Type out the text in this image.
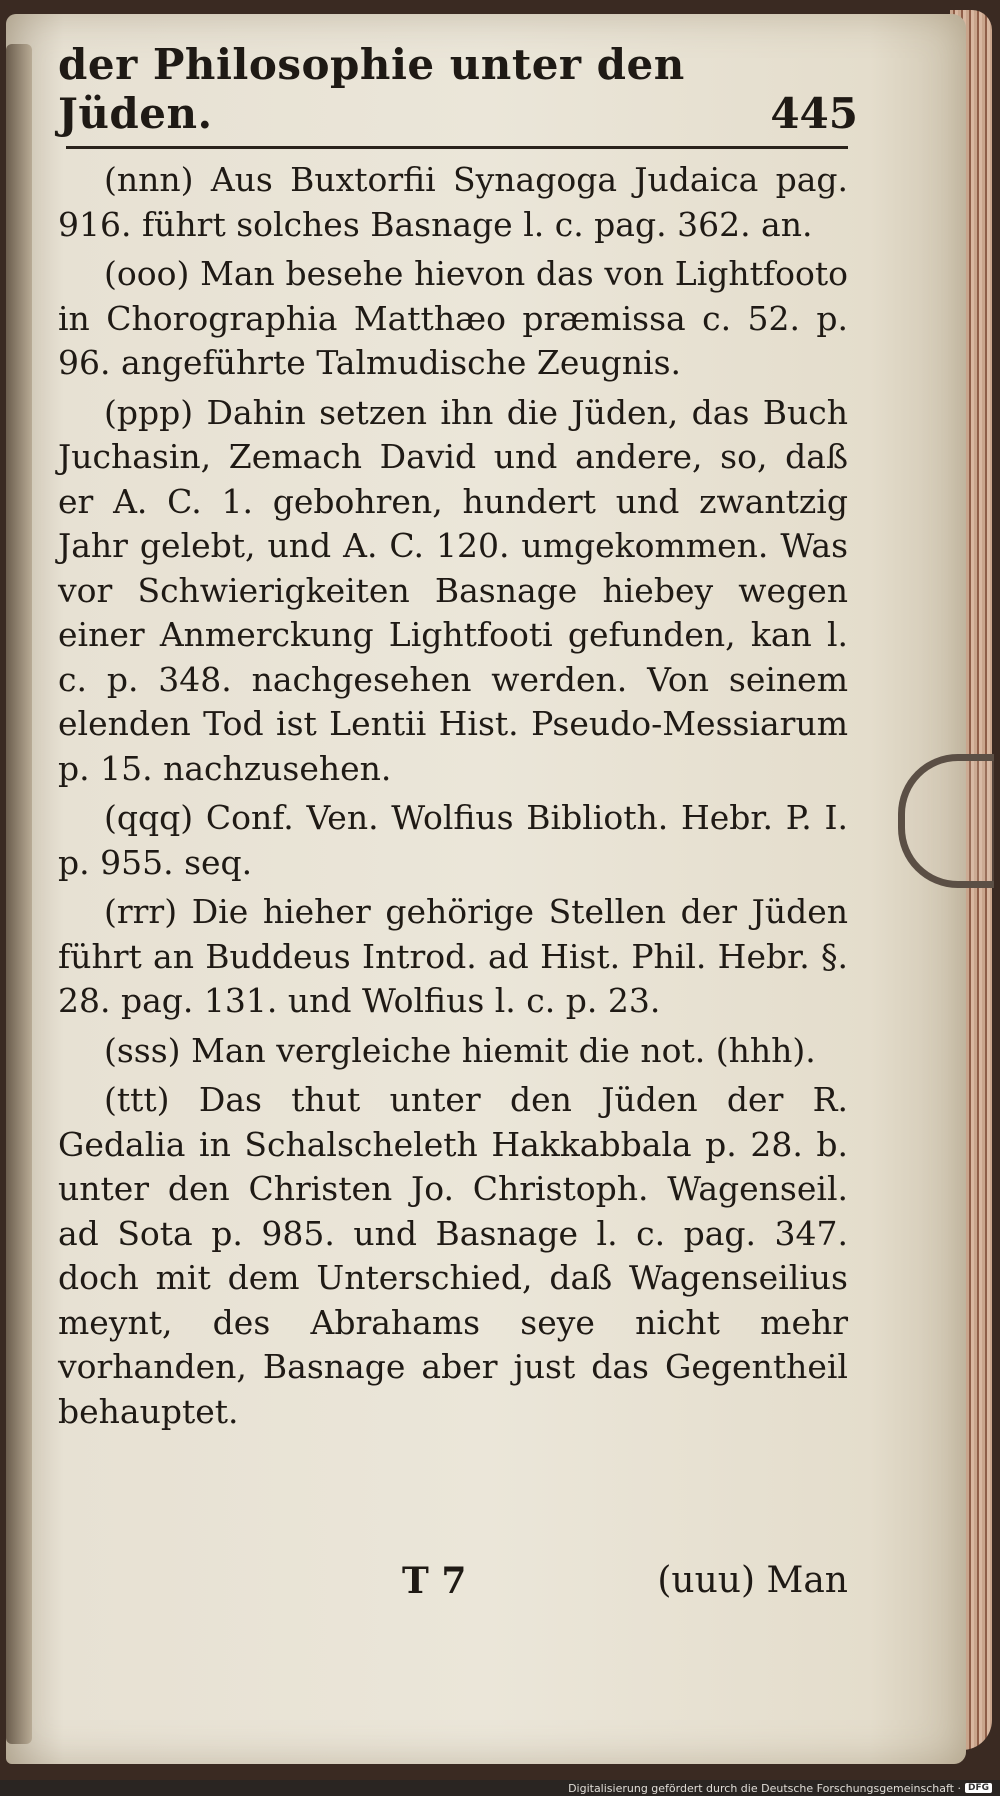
der Philosophie unter den Jüden.	445

(nnn) Aus Buxtorfii Synagoga Judaica pag. 916. führt solches Basnage l. c. pag. 362. an.

(ooo) Man besehe hievon das von Lightfooto in Chorographia Matthæo præmissa c. 52. p. 96. angeführte Talmudische Zeugnis.

(ppp) Dahin setzen ihn die Jüden, das Buch Juchasin, Zemach David und andere, so, daß er A. C. 1. gebohren, hundert und zwantzig Jahr gelebt, und A. C. 120. umgekommen. Was vor Schwierigkeiten Basnage hiebey wegen einer Anmerckung Lightfooti gefunden, kan l. c. p. 348. nachgesehen werden. Von seinem elenden Tod ist Lentii Hist. Pseudo-Messiarum p. 15. nachzusehen.

(qqq) Conf. Ven. Wolfius Biblioth. Hebr. P. I. p. 955. seq.

(rrr) Die hieher gehörige Stellen der Jüden führt an Buddeus Introd. ad Hist. Phil. Hebr. §. 28. pag. 131. und Wolfius l. c. p. 23.

(sss) Man vergleiche hiemit die not. (hhh).

(ttt) Das thut unter den Jüden der R. Gedalia in Schalscheleth Hakkabbala p. 28. b. unter den Christen Jo. Christoph. Wagenseil. ad Sota p. 985. und Basnage l. c. pag. 347. doch mit dem Unterschied, daß Wagenseilius meynt, des Abrahams seye nicht mehr vorhanden, Basnage aber just das Gegentheil behauptet.

T 7	(uuu) Man
Digitalisierung gefördert durch die Deutsche Forschungsgemeinschaft · DFG
